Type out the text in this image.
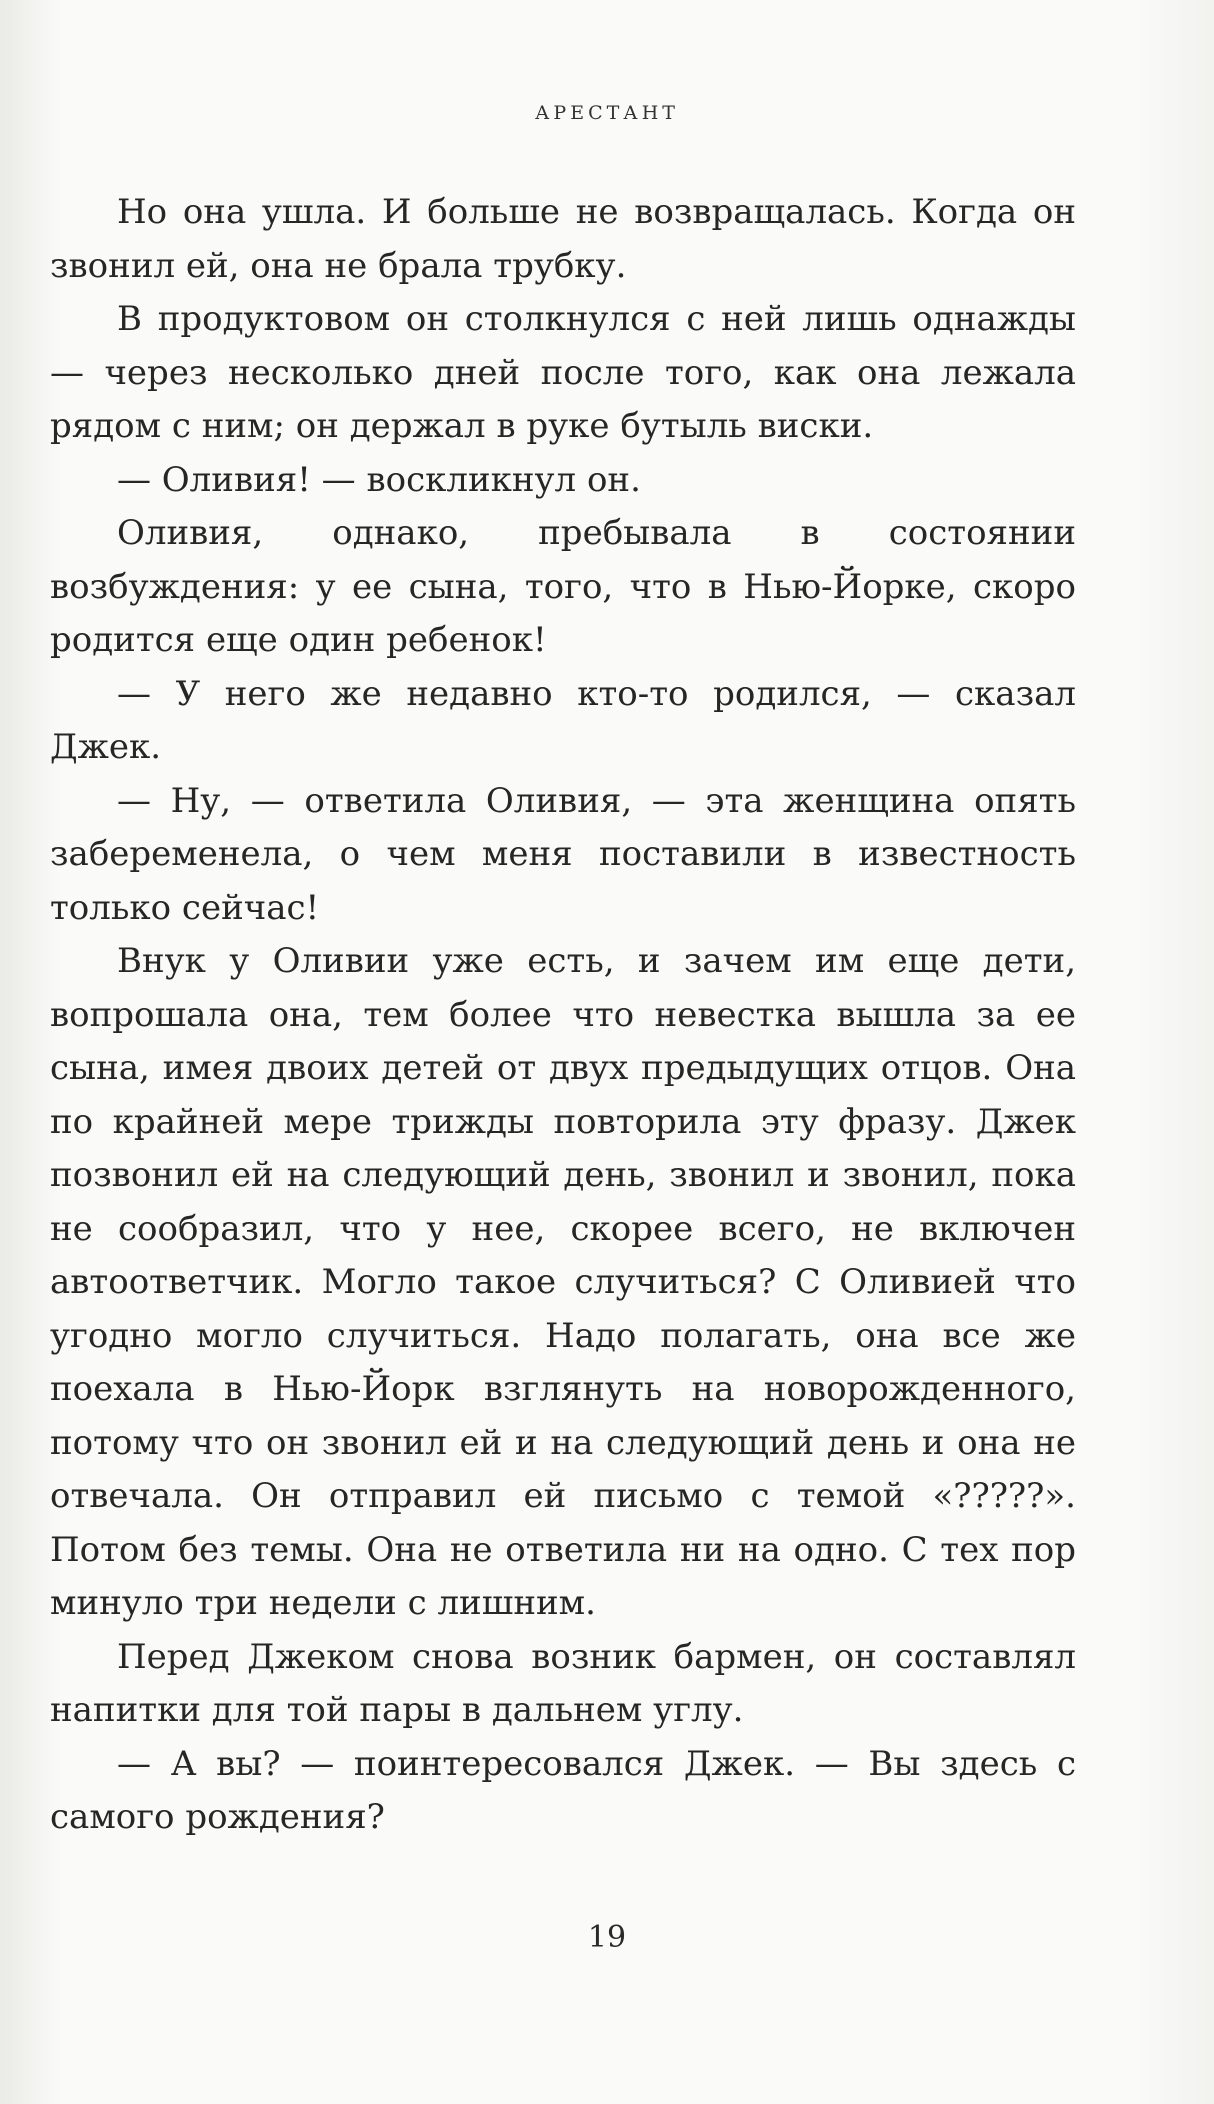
АРЕСТАНТ

Но она ушла. И больше не возвращалась. Когда он звонил ей, она не брала трубку.

В продуктовом он столкнулся с ней лишь однажды — через несколько дней после того, как она лежала рядом с ним; он держал в руке бутыль виски.

— Оливия! — воскликнул он.

Оливия, однако, пребывала в состоянии возбуждения: у ее сына, того, что в Нью-Йорке, скоро родится еще один ребенок!

— У него же недавно кто-то родился, — сказал Джек.

— Ну, — ответила Оливия, — эта женщина опять забеременела, о чем меня поставили в известность только сейчас!

Внук у Оливии уже есть, и зачем им еще дети, вопрошала она, тем более что невестка вышла за ее сына, имея двоих детей от двух предыдущих отцов. Она по крайней мере трижды повторила эту фразу. Джек позвонил ей на следующий день, звонил и звонил, пока не сообразил, что у нее, скорее всего, не включен автоответчик. Могло такое случиться? С Оливией что угодно могло случиться. Надо полагать, она все же поехала в Нью-Йорк взглянуть на новорожденного, потому что он звонил ей и на следующий день и она не отвечала. Он отправил ей письмо с темой «?????». Потом без темы. Она не ответила ни на одно. С тех пор минуло три недели с лишним.

Перед Джеком снова возник бармен, он составлял напитки для той пары в дальнем углу.

— А вы? — поинтересовался Джек. — Вы здесь с самого рождения?

19
